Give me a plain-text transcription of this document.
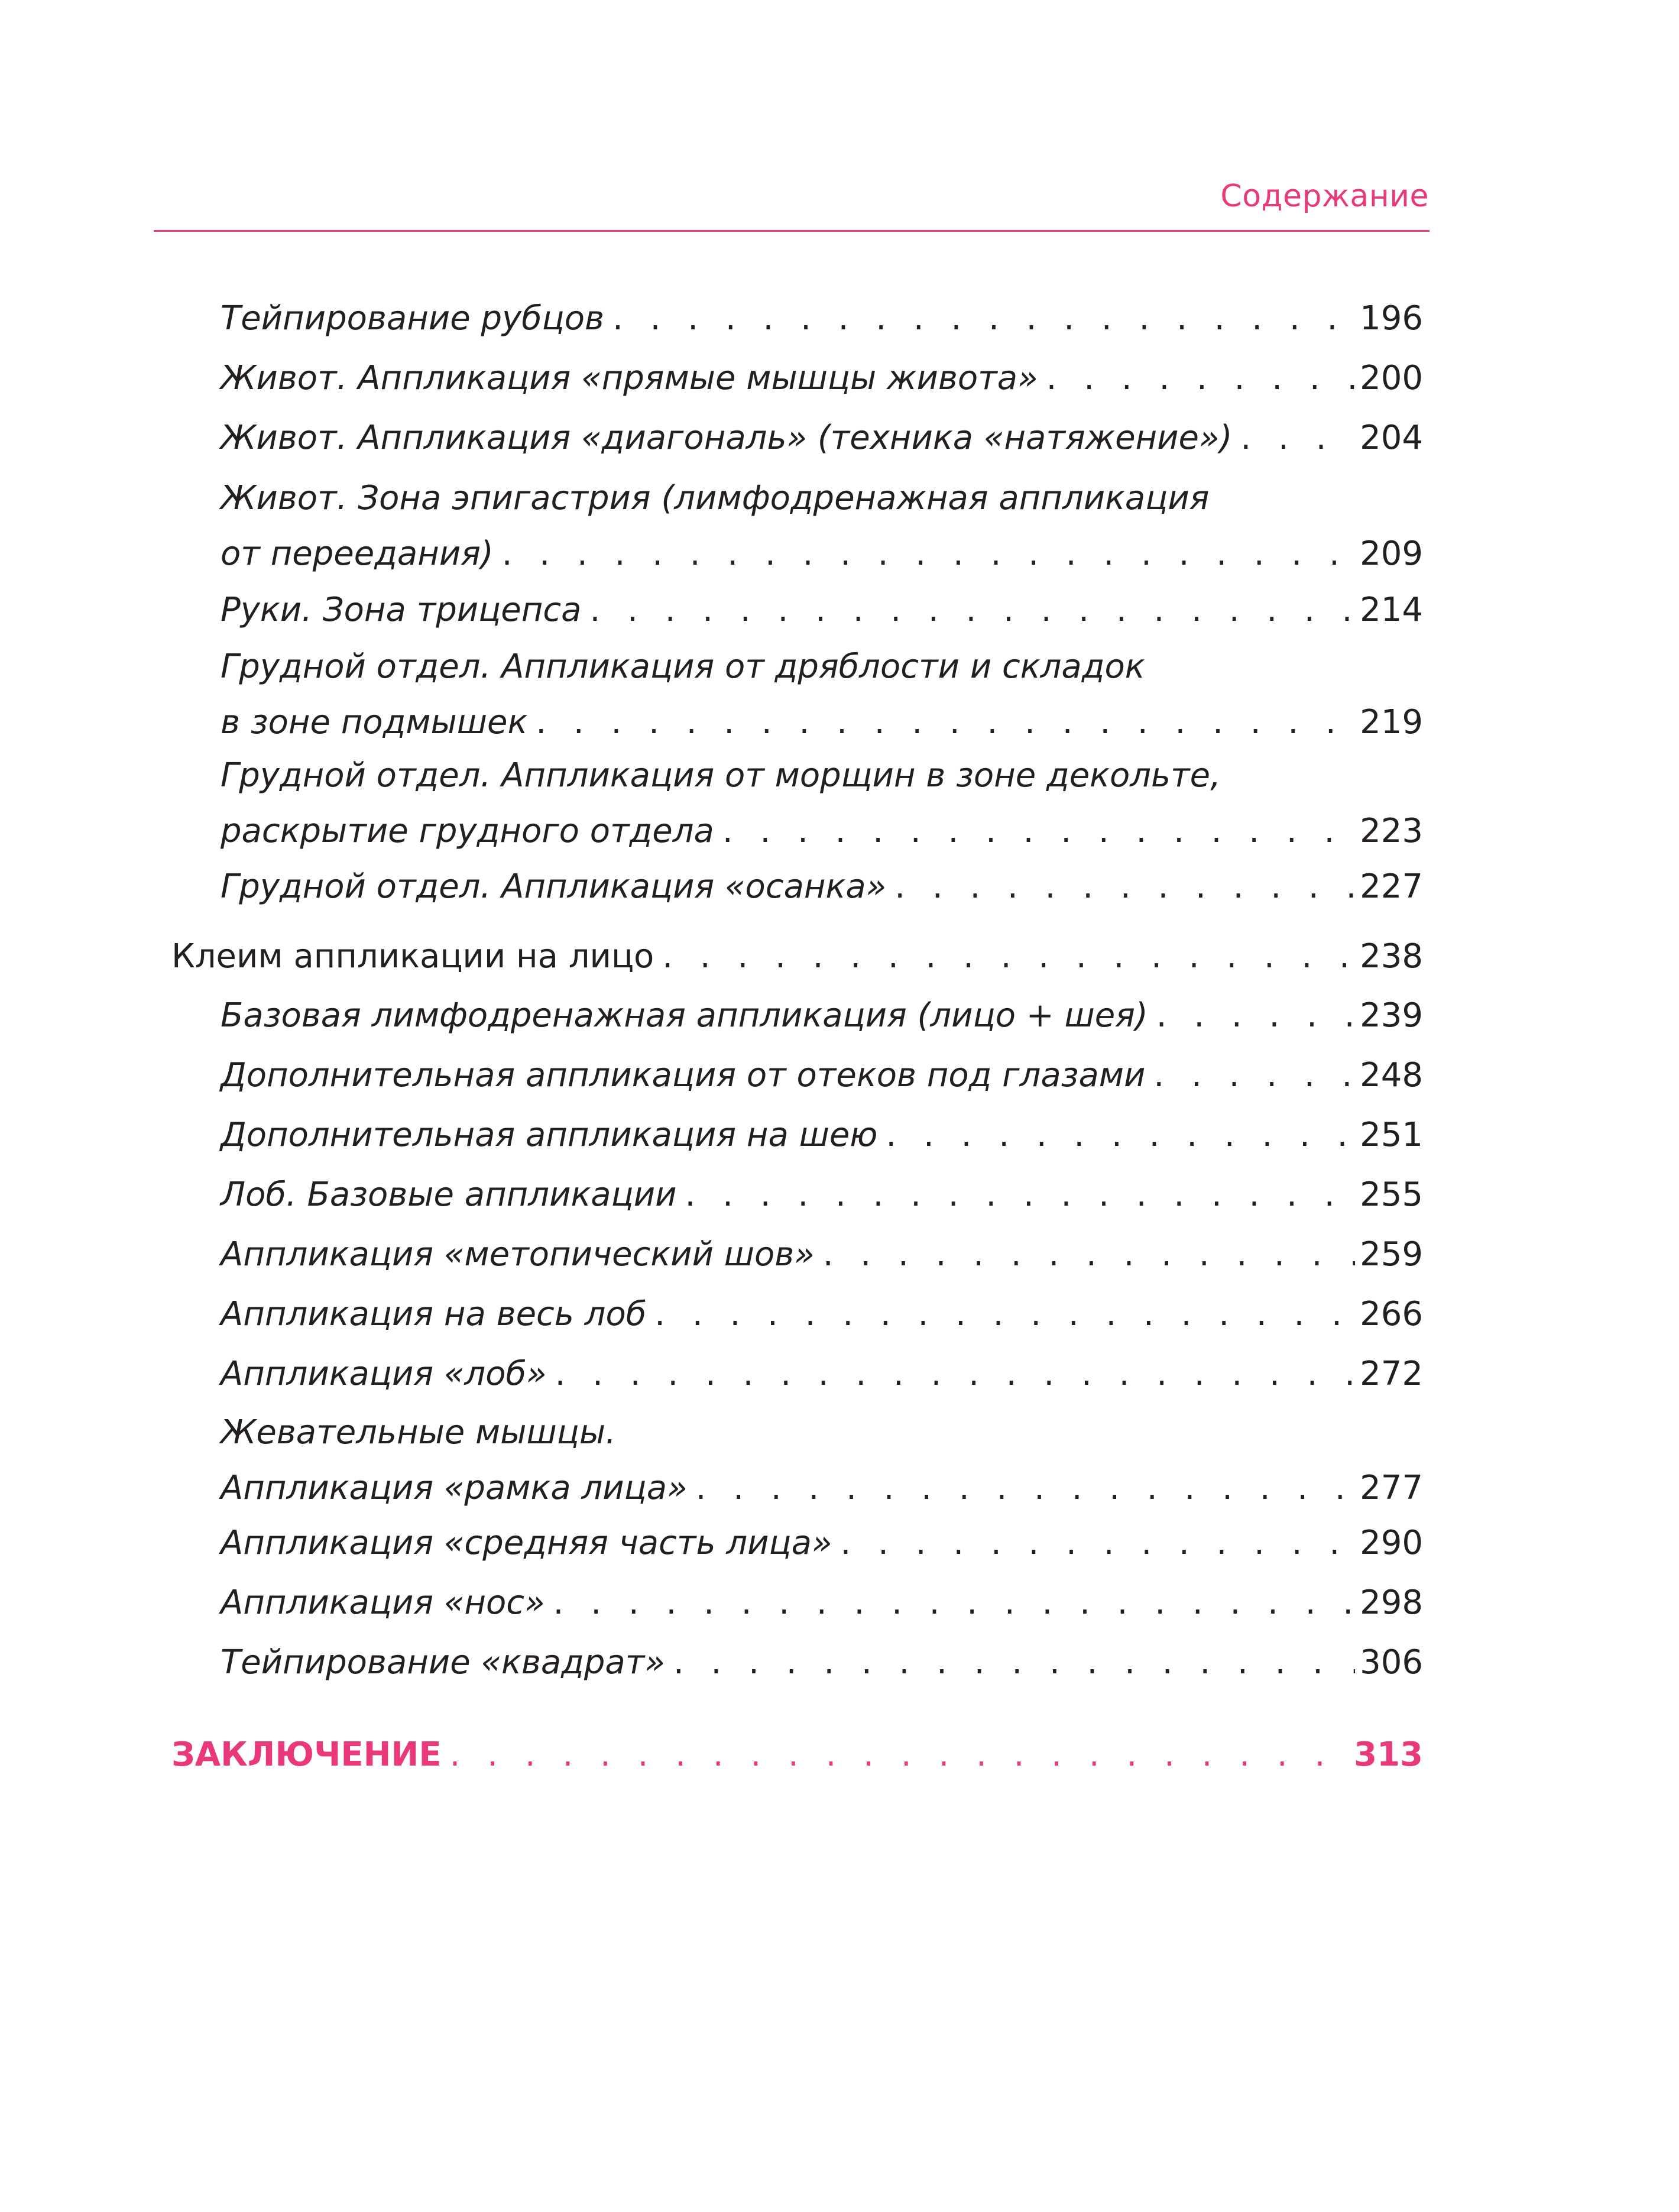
Содержание
Тейпирование рубцов . . .	196
Живот. Аппликация «прямые мышцы живота» . . .	200
Живот. Аппликация «диагональ» (техника «натяжение») . . .	204
Живот. Зона эпигастрия (лимфодренажная аппликация
от переедания) . . .	209
Руки. Зона трицепса . . .	214
Грудной отдел. Аппликация от дряблости и складок
в зоне подмышек . . .	219
Грудной отдел. Аппликация от морщин в зоне декольте,
раскрытие грудного отдела . . .	223
Грудной отдел. Аппликация «осанка» . . .	227
Клеим аппликации на лицо . . .	238
Базовая лимфодренажная аппликация (лицо + шея) . . .	239
Дополнительная аппликация от отеков под глазами . . .	248
Дополнительная аппликация на шею . . .	251
Лоб. Базовые аппликации . . .	255
Аппликация «метопический шов» . . .	259
Аппликация на весь лоб . . .	266
Аппликация «лоб» . . .	272
Жевательные мышцы.
Аппликация «рамка лица» . . .	277
Аппликация «средняя часть лица» . . .	290
Аппликация «нос» . . .	298
Тейпирование «квадрат» . . .	306
ЗАКЛЮЧЕНИЕ . . .	313
